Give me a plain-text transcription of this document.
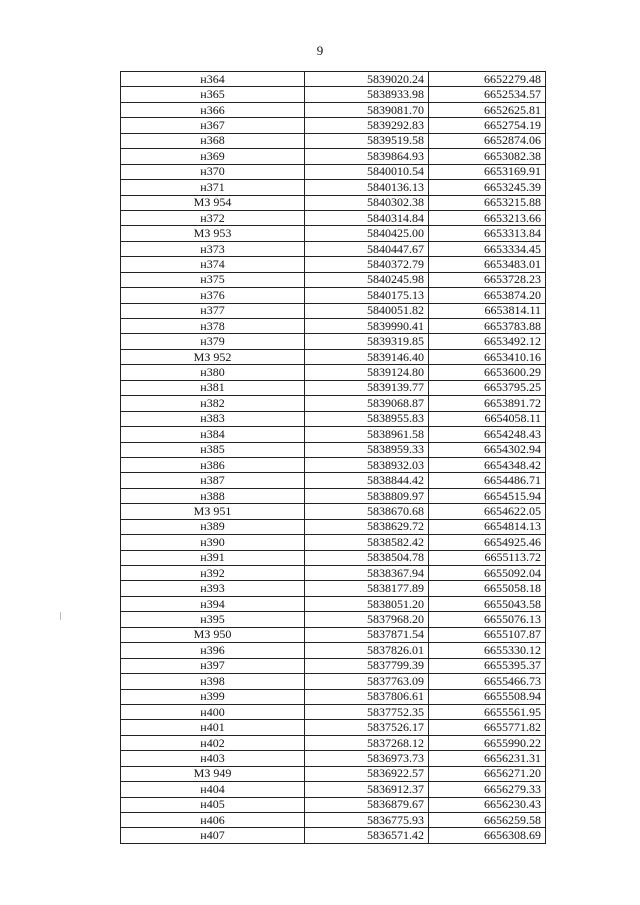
9
н364	5839020.24	6652279.48
н365	5838933.98	6652534.57
н366	5839081.70	6652625.81
н367	5839292.83	6652754.19
н368	5839519.58	6652874.06
н369	5839864.93	6653082.38
н370	5840010.54	6653169.91
н371	5840136.13	6653245.39
МЗ 954	5840302.38	6653215.88
н372	5840314.84	6653213.66
МЗ 953	5840425.00	6653313.84
н373	5840447.67	6653334.45
н374	5840372.79	6653483.01
н375	5840245.98	6653728.23
н376	5840175.13	6653874.20
н377	5840051.82	6653814.11
н378	5839990.41	6653783.88
н379	5839319.85	6653492.12
МЗ 952	5839146.40	6653410.16
н380	5839124.80	6653600.29
н381	5839139.77	6653795.25
н382	5839068.87	6653891.72
н383	5838955.83	6654058.11
н384	5838961.58	6654248.43
н385	5838959.33	6654302.94
н386	5838932.03	6654348.42
н387	5838844.42	6654486.71
н388	5838809.97	6654515.94
МЗ 951	5838670.68	6654622.05
н389	5838629.72	6654814.13
н390	5838582.42	6654925.46
н391	5838504.78	6655113.72
н392	5838367.94	6655092.04
н393	5838177.89	6655058.18
н394	5838051.20	6655043.58
н395	5837968.20	6655076.13
МЗ 950	5837871.54	6655107.87
н396	5837826.01	6655330.12
н397	5837799.39	6655395.37
н398	5837763.09	6655466.73
н399	5837806.61	6655508.94
н400	5837752.35	6655561.95
н401	5837526.17	6655771.82
н402	5837268.12	6655990.22
н403	5836973.73	6656231.31
МЗ 949	5836922.57	6656271.20
н404	5836912.37	6656279.33
н405	5836879.67	6656230.43
н406	5836775.93	6656259.58
н407	5836571.42	6656308.69
